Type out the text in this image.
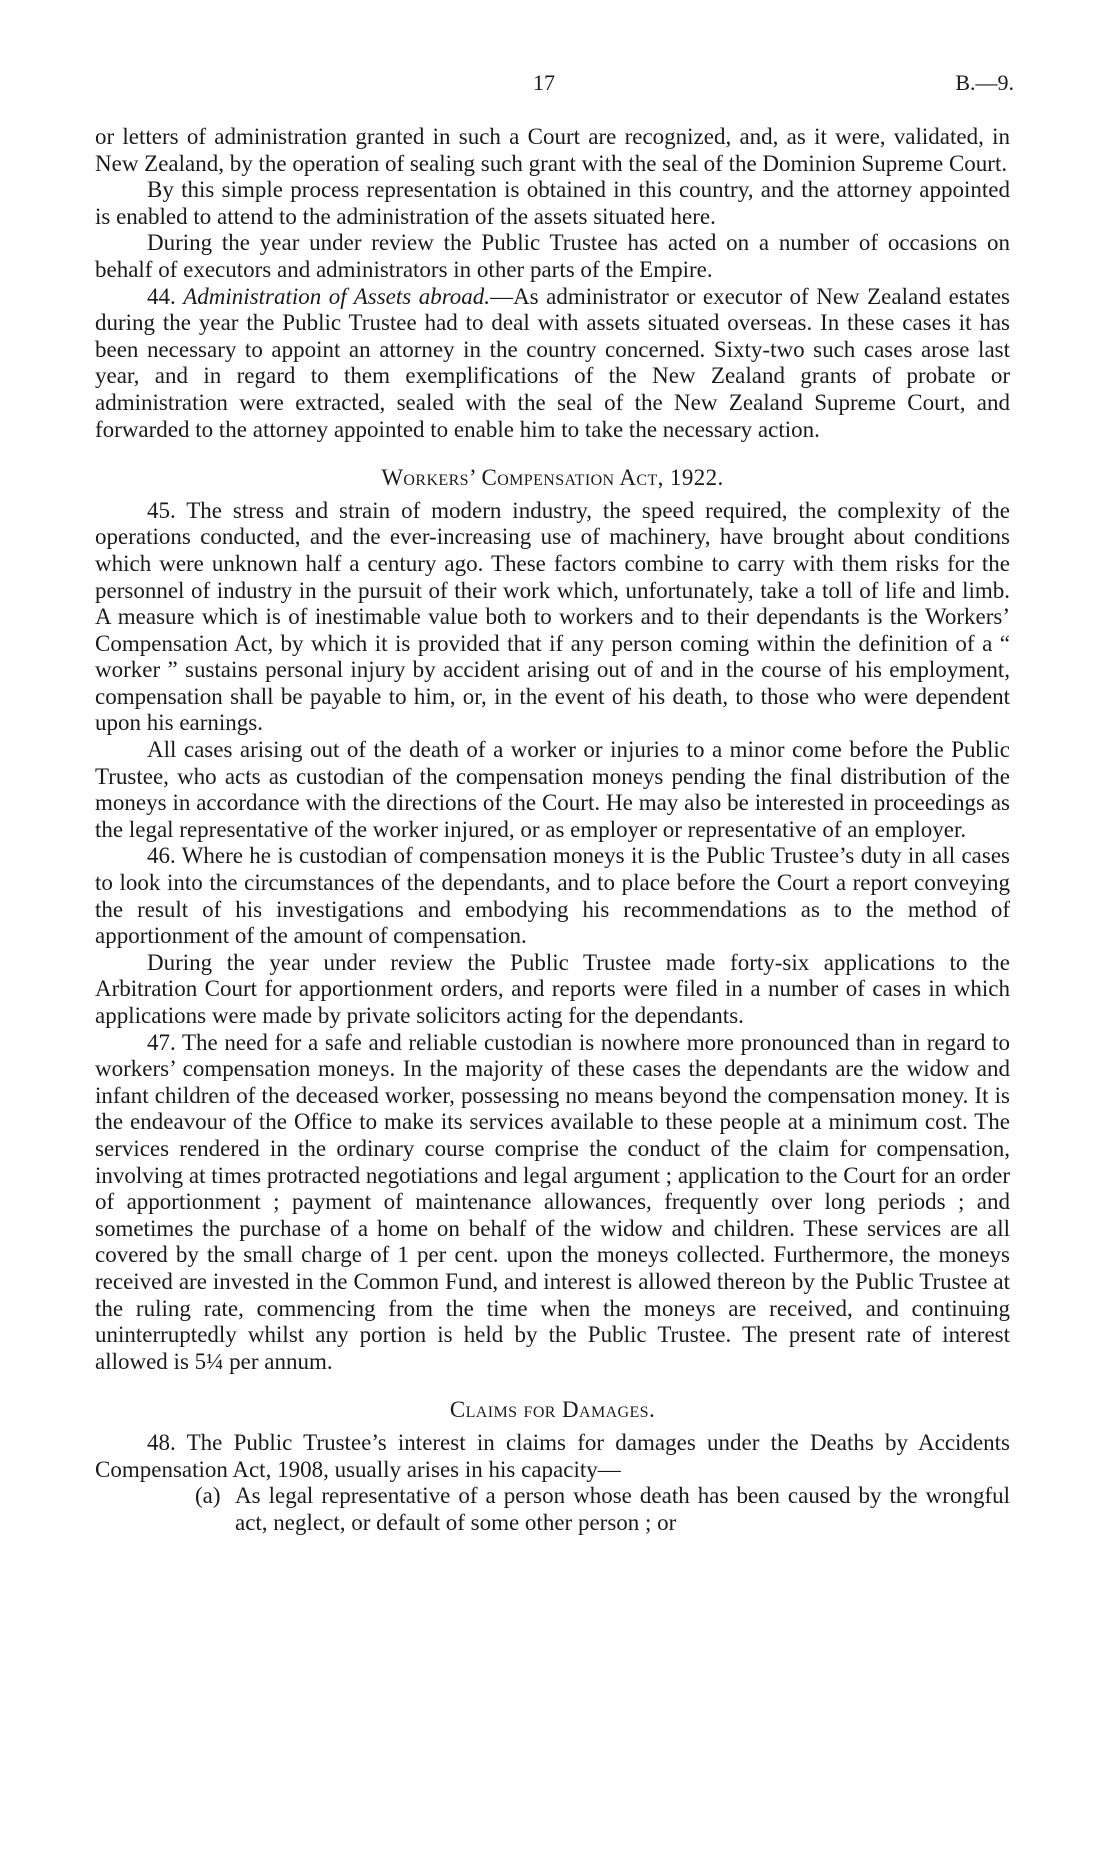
17	B.—9.

or letters of administration granted in such a Court are recognized, and, as it were, validated, in New Zealand, by the operation of sealing such grant with the seal of the Dominion Supreme Court.

By this simple process representation is obtained in this country, and the attorney appointed is enabled to attend to the administration of the assets situated here.

During the year under review the Public Trustee has acted on a number of occasions on behalf of executors and administrators in other parts of the Empire.

44. Administration of Assets abroad.—As administrator or executor of New Zealand estates during the year the Public Trustee had to deal with assets situated overseas. In these cases it has been necessary to appoint an attorney in the country concerned. Sixty-two such cases arose last year, and in regard to them exemplifications of the New Zealand grants of probate or administration were extracted, sealed with the seal of the New Zealand Supreme Court, and forwarded to the attorney appointed to enable him to take the necessary action.

Workers’ Compensation Act, 1922.

45. The stress and strain of modern industry, the speed required, the complexity of the operations conducted, and the ever-increasing use of machinery, have brought about conditions which were unknown half a century ago. These factors combine to carry with them risks for the personnel of industry in the pursuit of their work which, unfortunately, take a toll of life and limb. A measure which is of inestimable value both to workers and to their dependants is the Workers’ Compensation Act, by which it is provided that if any person coming within the definition of a “ worker ” sustains personal injury by accident arising out of and in the course of his employment, compensation shall be payable to him, or, in the event of his death, to those who were dependent upon his earnings.

All cases arising out of the death of a worker or injuries to a minor come before the Public Trustee, who acts as custodian of the compensation moneys pending the final distribution of the moneys in accordance with the directions of the Court. He may also be interested in proceedings as the legal representative of the worker injured, or as employer or representative of an employer.

46. Where he is custodian of compensation moneys it is the Public Trustee’s duty in all cases to look into the circumstances of the dependants, and to place before the Court a report conveying the result of his investigations and embodying his recommendations as to the method of apportionment of the amount of compensation.

During the year under review the Public Trustee made forty-six applications to the Arbitration Court for apportionment orders, and reports were filed in a number of cases in which applications were made by private solicitors acting for the dependants.

47. The need for a safe and reliable custodian is nowhere more pronounced than in regard to workers’ compensation moneys. In the majority of these cases the dependants are the widow and infant children of the deceased worker, possessing no means beyond the compensation money. It is the endeavour of the Office to make its services available to these people at a minimum cost. The services rendered in the ordinary course comprise the conduct of the claim for compensation, involving at times protracted negotiations and legal argument ; application to the Court for an order of apportionment ; payment of maintenance allowances, frequently over long periods ; and sometimes the purchase of a home on behalf of the widow and children. These services are all covered by the small charge of 1 per cent. upon the moneys collected. Furthermore, the moneys received are invested in the Common Fund, and interest is allowed thereon by the Public Trustee at the ruling rate, commencing from the time when the moneys are received, and continuing uninterruptedly whilst any portion is held by the Public Trustee. The present rate of interest allowed is 5¼ per annum.

Claims for Damages.

48. The Public Trustee’s interest in claims for damages under the Deaths by Accidents Compensation Act, 1908, usually arises in his capacity—

(a) As legal representative of a person whose death has been caused by the wrongful act, neglect, or default of some other person ; or
